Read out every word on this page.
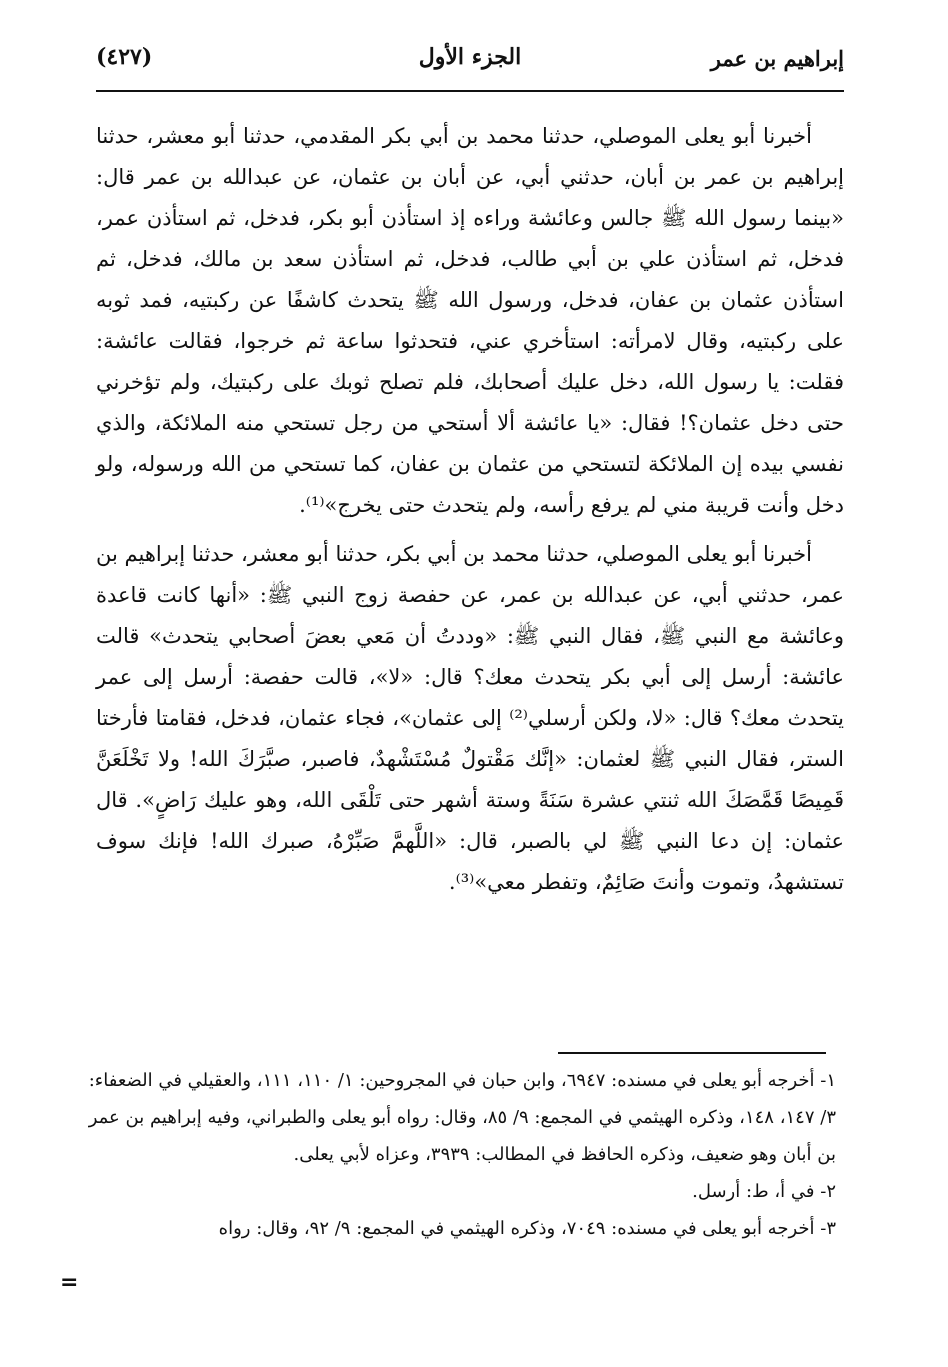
(٤٢٧)	الجزء الأول	إبراهيم بن عمر

أخبرنا أبو يعلى الموصلي، حدثنا محمد بن أبي بكر المقدمي، حدثنا أبو معشر، حدثنا إبراهيم بن عمر بن أبان، حدثني أبي، عن أبان بن عثمان، عن عبدالله بن عمر قال: «بينما رسول الله ﷺ جالس وعائشة وراءه إذ استأذن أبو بكر، فدخل، ثم استأذن عمر، فدخل، ثم استأذن علي بن أبي طالب، فدخل، ثم استأذن سعد بن مالك، فدخل، ثم استأذن عثمان بن عفان، فدخل، ورسول الله ﷺ يتحدث كاشفًا عن ركبتيه، فمد ثوبه على ركبتيه، وقال لامرأته: استأخري عني، فتحدثوا ساعة ثم خرجوا، فقالت عائشة: فقلت: يا رسول الله، دخل عليك أصحابك، فلم تصلح ثوبك على ركبتيك، ولم تؤخرني حتى دخل عثمان؟! فقال: «يا عائشة ألا أستحي من رجل تستحي منه الملائكة، والذي نفسي بيده إن الملائكة لتستحي من عثمان بن عفان، كما تستحي من الله ورسوله، ولو دخل وأنت قريبة مني لم يرفع رأسه، ولم يتحدث حتى يخرج»⁽¹⁾.

أخبرنا أبو يعلى الموصلي، حدثنا محمد بن أبي بكر، حدثنا أبو معشر، حدثنا إبراهيم بن عمر، حدثني أبي، عن عبدالله بن عمر، عن حفصة زوج النبي ﷺ: «أنها كانت قاعدة وعائشة مع النبي ﷺ، فقال النبي ﷺ: «وددتُ أن مَعي بعضَ أصحابي يتحدث» قالت عائشة: أرسل إلى أبي بكر يتحدث معك؟ قال: «لا»، قالت حفصة: أرسل إلى عمر يتحدث معك؟ قال: «لا، ولكن أرسلي⁽²⁾ إلى عثمان»، فجاء عثمان، فدخل، فقامتا فأرختا الستر، فقال النبي ﷺ لعثمان: «إنَّك مَقْتولٌ مُسْتَشْهدٌ، فاصبر، صبَّرَكَ الله! ولا تَخْلَعَنَّ قَمِيصًا قَمَّصَكَ الله ثنتي عشرة سَنَةً وستة أشهر حتى تَلْقَى الله، وهو عليك رَاضٍ». قال عثمان: إن دعا النبي ﷺ لي بالصبر، قال: «اللَّهمَّ صَبِّرْهُ، صبرك الله! فإنك سوف تستشهدُ، وتموت وأنتَ صَائِمٌ، وتفطر معي»⁽³⁾.

١- أخرجه أبو يعلى في مسنده: ٦٩٤٧، وابن حبان في المجروحين: ١/ ١١٠، ١١١، والعقيلي في الضعفاء: ٣/ ١٤٧، ١٤٨، وذكره الهيثمي في المجمع: ٩/ ٨٥، وقال: رواه أبو يعلى والطبراني، وفيه إبراهيم بن عمر بن أبان وهو ضعيف، وذكره الحافظ في المطالب: ٣٩٣٩، وعزاه لأبي يعلى.

٢- في أ، ط: أرسل.

٣- أخرجه أبو يعلى في مسنده: ٧٠٤٩، وذكره الهيثمي في المجمع: ٩/ ٩٢، وقال: رواه

=
